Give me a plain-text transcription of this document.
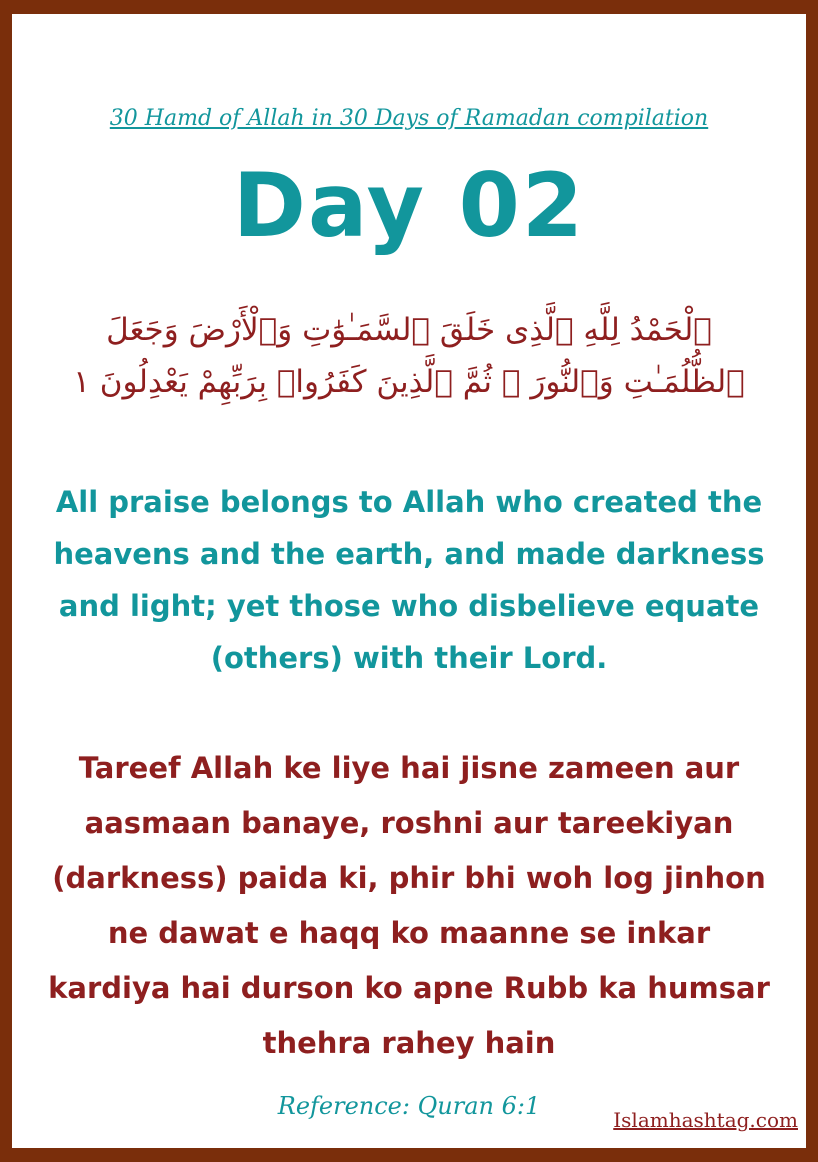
30 Hamd of Allah in 30 Days of Ramadan compilation
Day 02
ٱلْحَمْدُ لِلَّهِ ٱلَّذِى خَلَقَ ٱلسَّمَـٰوَٰتِ وَٱلْأَرْضَ وَجَعَلَ ٱلظُّلُمَـٰتِ وَٱلنُّورَ ۖ ثُمَّ ٱلَّذِينَ كَفَرُوا۟ بِرَبِّهِمْ يَعْدِلُونَ ١
All praise belongs to Allah who created the heavens and the earth, and made darkness and light; yet those who disbelieve equate (others) with their Lord.
Tareef Allah ke liye hai jisne zameen aur aasmaan banaye, roshni aur tareekiyan (darkness) paida ki, phir bhi woh log jinhon ne dawat e haqq ko maanne se inkar kardiya hai durson ko apne Rubb ka humsar thehra rahey hain
Reference: Quran 6:1	Islamhashtag.com
